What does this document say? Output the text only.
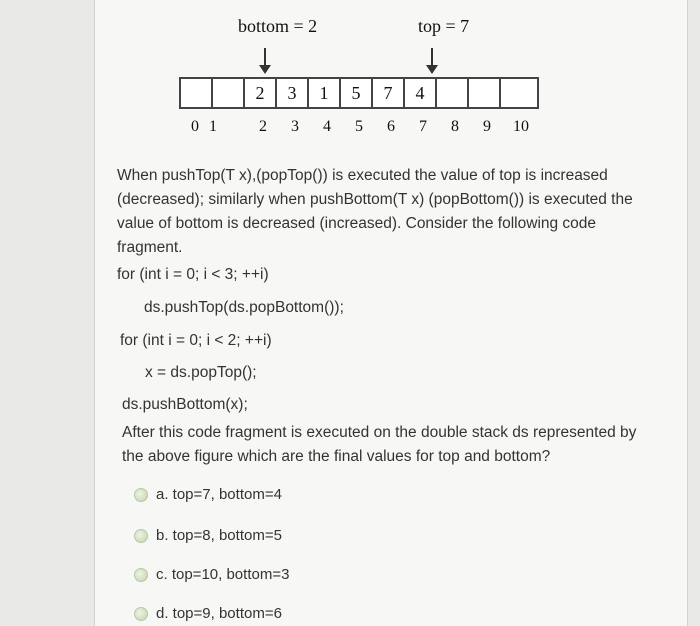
bottom = 2	top = 7
2	3	1	5	7	4
0 1	2	3	4	5	6	7	8	9	10
When pushTop(T x),(popTop()) is executed the value of top is increased (decreased); similarly when pushBottom(T x) (popBottom()) is executed the value of bottom is decreased (increased). Consider the following code fragment.
for (int i = 0; i < 3; ++i)
ds.pushTop(ds.popBottom());
for (int i = 0; i < 2; ++i)
x = ds.popTop();
ds.pushBottom(x);
After this code fragment is executed on the double stack ds represented by the above figure which are the final values for top and bottom?
a. top=7, bottom=4
b. top=8, bottom=5
c. top=10, bottom=3
d. top=9, bottom=6
